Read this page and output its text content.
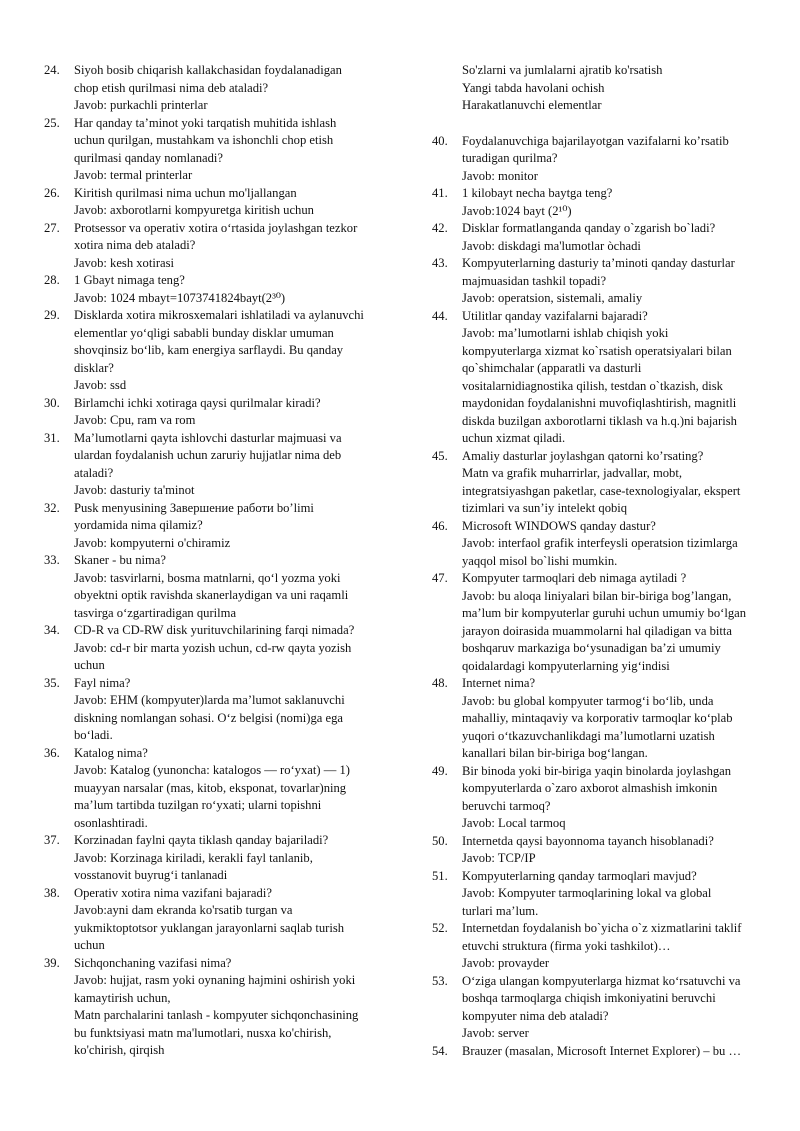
24.	Siyoh bosib chiqarish kallakchasidan foydalanadigan
chop etish qurilmasi nima deb ataladi?
Javob: purkachli printerlar
25.	Har qanday ta’minot yoki tarqatish muhitida ishlash
uchun qurilgan, mustahkam va ishonchli chop etish
qurilmasi qanday nomlanadi?
Javob: termal printerlar
26.	Kiritish qurilmasi nima uchun mo'ljallangan
Javob: axborotlarni kompyuretga kiritish uchun
27.	Protsessor va operativ xotira o‘rtasida joylashgan tezkor
xotira nima deb ataladi?
Javob: kesh xotirasi
28.	1 Gbayt nimaga teng?
Javob: 1024 mbayt=1073741824bayt(2³⁰)
29.	Disklarda xotira mikrosxemalari ishlatiladi va aylanuvchi
elementlar yo‘qligi sababli bunday disklar umuman
shovqinsiz bo‘lib, kam energiya sarflaydi. Bu qanday
disklar?
Javob: ssd
30.	Birlamchi ichki xotiraga qaysi qurilmalar kiradi?
Javob: Cpu, ram va rom
31.	Ma’lumotlarni qayta ishlovchi dasturlar majmuasi va
ulardan foydalanish uchun zaruriy hujjatlar nima deb
ataladi?
Javob: dasturiy ta'minot
32.	Pusk menyusining Завершение работи bo’limi
yordamida nima qilamiz?
Javob: kompyuterni o'chiramiz
33.	Skaner - bu nima?
Javob: tasvirlarni, bosma matnlarni, qo‘l yozma yoki
obyektni optik ravishda skanerlaydigan va uni raqamli
tasvirga o‘zgartiradigan qurilma
34.	CD-R va CD-RW disk yurituvchilarining farqi nimada?
Javob: cd-r bir marta yozish uchun, cd-rw qayta yozish
uchun
35.	Fayl nima?
Javob: EHM (kompyuter)larda ma’lumot saklanuvchi
diskning nomlangan sohasi. O‘z belgisi (nomi)ga ega
bo‘ladi.
36.	Katalog nima?
Javob: Katalog (yunoncha: katalogos — ro‘yxat) — 1)
muayyan narsalar (mas, kitob, eksponat, tovarlar)ning
ma’lum tartibda tuzilgan ro‘yxati; ularni topishni
osonlashtiradi.
37.	Korzinadan faylni qayta tiklash qanday bajariladi?
Javob: Korzinaga kiriladi, kerakli fayl tanlanib,
vosstanovit buyrug‘i tanlanadi
38.	Operativ xotira nima vazifani bajaradi?
Javob:ayni dam ekranda ko'rsatib turgan va
yukmiktoptotsor yuklangan jarayonlarni saqlab turish
uchun
39.	Sichqonchaning vazifasi nima?
Javob: hujjat, rasm yoki oynaning hajmini oshirish yoki
kamaytirish uchun,
Matn parchalarini tanlash - kompyuter sichqonchasining
bu funktsiyasi matn ma'lumotlari, nusxa ko'chirish,
ko'chirish, qirqish
So'zlarni va jumlalarni ajratib ko'rsatish
Yangi tabda havolani ochish
Harakatlanuvchi elementlar
40.	Foydalanuvchiga bajarilayotgan vazifalarni ko’rsatib
turadigan qurilma?
Javob: monitor
41.	1 kilobayt necha baytga teng?
Javob:1024 bayt (2¹⁰)
42.	Disklar formatlanganda qanday o`zgarish bo`ladi?
Javob: diskdagi ma'lumotlar òchadi
43.	Kompyuterlarning dasturiy ta’minoti qanday dasturlar
majmuasidan tashkil topadi?
Javob: operatsion, sistemali, amaliy
44.	Utilitlar qanday vazifalarni bajaradi?
Javob: ma’lumotlarni ishlab chiqish yoki
kompyuterlarga xizmat ko`rsatish operatsiyalari bilan
qo`shimchalar (apparatli va dasturli
vositalarnidiagnostika qilish, testdan o`tkazish, disk
maydonidan foydalanishni muvofiqlashtirish, magnitli
diskda buzilgan axborotlarni tiklash va h.q.)ni bajarish
uchun xizmat qiladi.
45.	Amaliy dasturlar joylashgan qatorni ko’rsating?
Matn va grafik muharrirlar, jadvallar, mobt,
integratsiyashgan paketlar, case-texnologiyalar, ekspert
tizimlari va sun’iy intelekt qobiq
46.	Microsoft WINDOWS qanday dastur?
Javob: interfaol grafik interfeysli operatsion tizimlarga
yaqqol misol bo`lishi mumkin.
47.	Kompyuter tarmoqlari deb nimaga aytiladi ?
Javob: bu aloqa liniyalari bilan bir-biriga bog’langan,
ma’lum bir kompyuterlar guruhi uchun umumiy bo‘lgan
jarayon doirasida muammolarni hal qiladigan va bitta
boshqaruv markaziga bo‘ysunadigan ba’zi umumiy
qoidalardagi kompyuterlarning yig‘indisi
48.	Internet nima?
Javob: bu global kompyuter tarmog‘i bo‘lib, unda
mahalliy, mintaqaviy va korporativ tarmoqlar ko‘plab
yuqori o‘tkazuvchanlikdagi ma’lumotlarni uzatish
kanallari bilan bir-biriga bog‘langan.
49.	Bir binoda yoki bir-biriga yaqin binolarda joylashgan
kompyuterlarda o`zaro axborot almashish imkonin
beruvchi tarmoq?
Javob: Local tarmoq
50.	Internetda qaysi bayonnoma tayanch hisoblanadi?
Javob: TCP/IP
51.	Kompyuterlarning qanday tarmoqlari mavjud?
Javob: Kompyuter tarmoqlarining lokal va global
turlari ma’lum.
52.	Internetdan foydalanish bo`yicha o`z xizmatlarini taklif
etuvchi struktura (firma yoki tashkilot)…
Javob: provayder
53.	O‘ziga ulangan kompyuterlarga hizmat ko‘rsatuvchi va
boshqa tarmoqlarga chiqish imkoniyatini beruvchi
kompyuter nima deb ataladi?
Javob: server
54.	Brauzer (masalan, Microsoft Internet Explorer) – bu …
